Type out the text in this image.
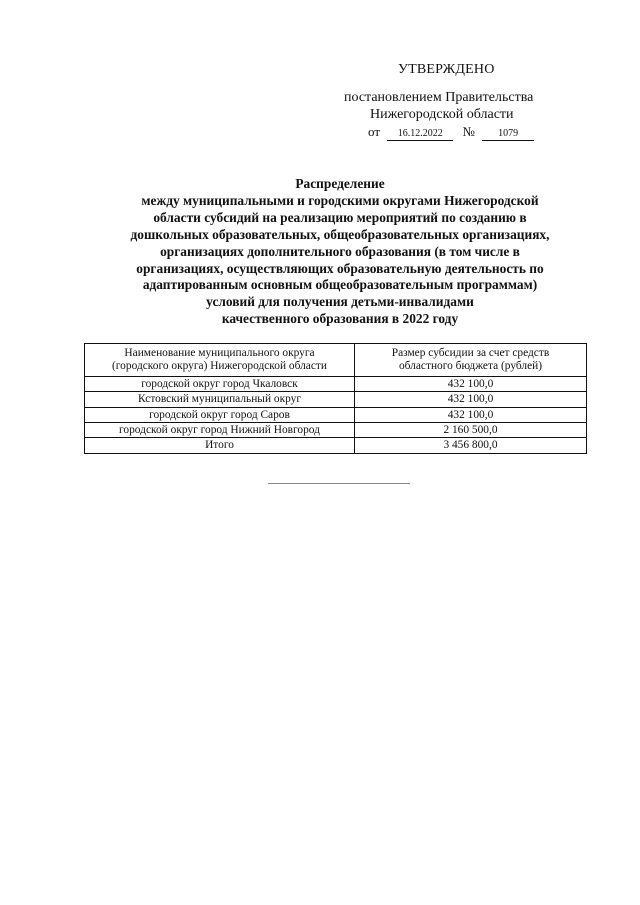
УТВЕРЖДЕНО
постановлением Правительства
Нижегородской области
от 16.12.2022 № 1079
Распределение
между муниципальными и городскими округами Нижегородской
области субсидий на реализацию мероприятий по созданию в
дошкольных образовательных, общеобразовательных организациях,
организациях дополнительного образования (в том числе в
организациях, осуществляющих образовательную деятельность по
адаптированным основным общеобразовательным программам)
условий для получения детьми-инвалидами
качественного образования в 2022 году
Наименование муниципального округа
(городского округа) Нижегородской области	Размер субсидии за счет средств
областного бюджета (рублей)

городской округ город Чкаловск	432 100,0
Кстовский муниципальный округ	432 100,0
городской округ город Саров	432 100,0
городской округ город Нижний Новгород	2 160 500,0
Итого	3 456 800,0
